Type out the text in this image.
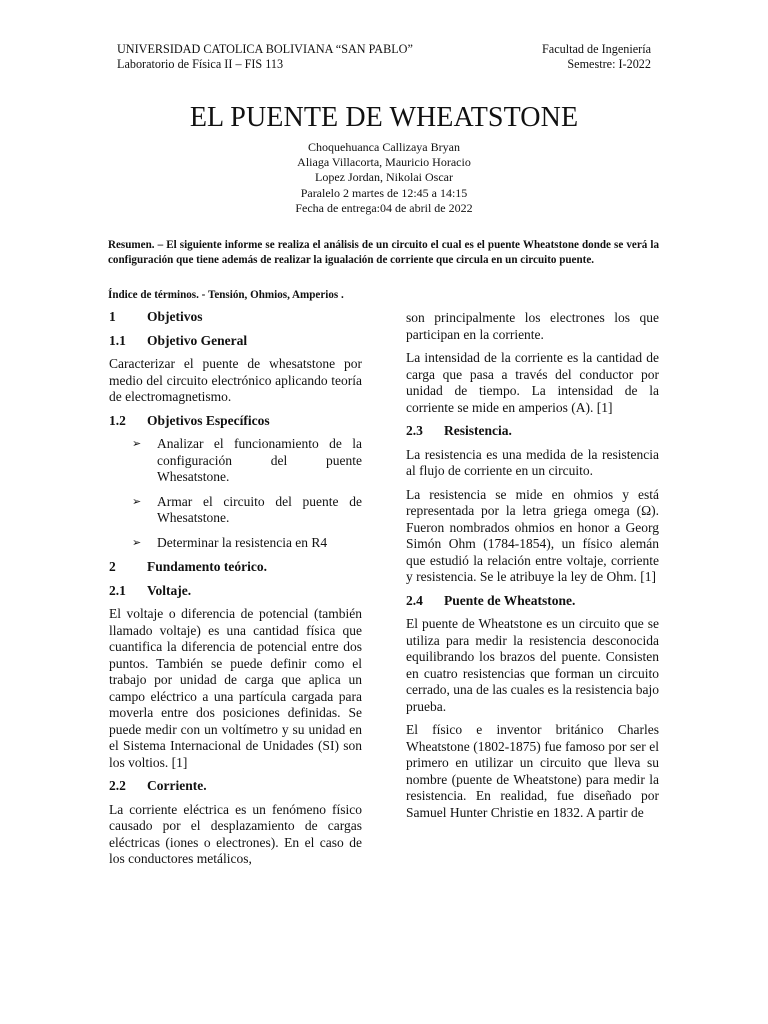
UNIVERSIDAD CATOLICA BOLIVIANA “SAN PABLO”
Laboratorio de Física II – FIS 113
Facultad de Ingeniería
Semestre: I-2022
EL PUENTE DE WHEATSTONE
Choquehuanca Callizaya Bryan
Aliaga Villacorta, Mauricio Horacio
Lopez Jordan, Nikolai Oscar
Paralelo 2 martes de 12:45 a 14:15
Fecha de entrega:04 de abril de 2022
Resumen. – El siguiente informe se realiza el análisis de un circuito el cual es el puente Wheatstone donde se verá la configuración que tiene además de realizar la igualación de corriente que circula en un circuito puente.
Índice de términos. - Tensión, Ohmios, Amperios .
1	Objetivos
1.1	Objetivo General

Caracterizar el puente de whesatstone por medio del circuito electrónico aplicando teoría de electromagnetismo.

1.2	Objetivos Específicos
➢	Analizar el funcionamiento de la configuración del puente Whesatstone.
➢	Armar el circuito del puente de Whesatstone.
➢	Determinar la resistencia en R4
2	Fundamento teórico.
2.1	Voltaje.

El voltaje o diferencia de potencial (también llamado voltaje) es una cantidad física que cuantifica la diferencia de potencial entre dos puntos. También se puede definir como el trabajo por unidad de carga que aplica un campo eléctrico a una partícula cargada para moverla entre dos posiciones definidas. Se puede medir con un voltímetro y su unidad en el Sistema Internacional de Unidades (SI) son los voltios. [1]

2.2	Corriente.

La corriente eléctrica es un fenómeno físico causado por el desplazamiento de cargas eléctricas (iones o electrones). En el caso de los conductores metálicos,

son principalmente los electrones los que participan en la corriente.

La intensidad de la corriente es la cantidad de carga que pasa a través del conductor por unidad de tiempo. La intensidad de la corriente se mide en amperios (A). [1]

2.3	Resistencia.

La resistencia es una medida de la resistencia al flujo de corriente en un circuito.

La resistencia se mide en ohmios y está representada por la letra griega omega (Ω). Fueron nombrados ohmios en honor a Georg Simón Ohm (1784-1854), un físico alemán que estudió la relación entre voltaje, corriente y resistencia. Se le atribuye la ley de Ohm. [1]

2.4	Puente de Wheatstone.

El puente de Wheatstone es un circuito que se utiliza para medir la resistencia desconocida equilibrando los brazos del puente. Consisten en cuatro resistencias que forman un circuito cerrado, una de las cuales es la resistencia bajo prueba.

El físico e inventor británico Charles Wheatstone (1802-1875) fue famoso por ser el primero en utilizar un circuito que lleva su nombre (puente de Wheatstone) para medir la resistencia. En realidad, fue diseñado por Samuel Hunter Christie en 1832. A partir de
